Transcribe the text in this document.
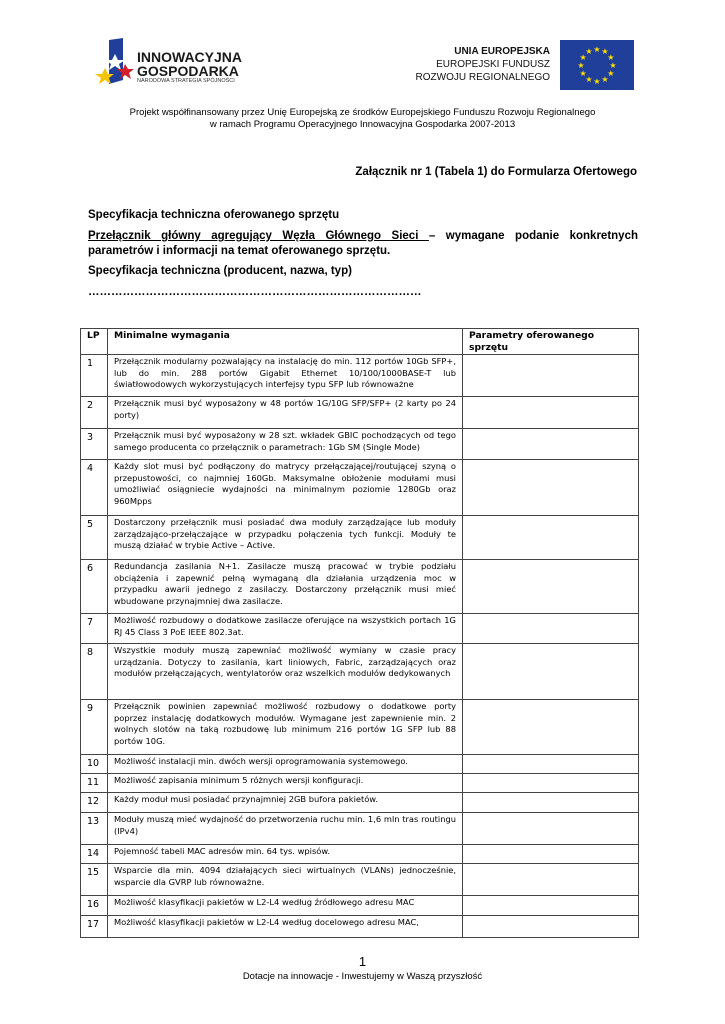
INNOWACYJNA
GOSPODARKA
NARODOWA STRATEGIA SPÓJNOŚCI
UNIA EUROPEJSKA
EUROPEJSKI FUNDUSZ
ROZWOJU REGIONALNEGO
★
★
★
★
★
★
★
★
★ ★ ★
★
Projekt współfinansowany przez Unię Europejską ze środków Europejskiego Funduszu Rozwoju Regionalnego
w ramach Programu Operacyjnego Innowacyjna Gospodarka 2007-2013
Załącznik nr 1 (Tabela 1) do Formularza Ofertowego
Specyfikacja techniczna oferowanego sprzętu
Przełącznik główny agregujący Węzła Głównego Sieci – wymagane podanie konkretnych parametrów i informacji na temat oferowanego sprzętu.
Specyfikacja techniczna (producent, nazwa, typ)
……………………………………………………………………………
LP	Minimalne wymagania	Parametry oferowanego sprzętu
1	Przełącznik modularny pozwalający na instalację do min. 112 portów 10Gb SFP+, lub do min. 288 portów Gigabit Ethernet 10/100/1000BASE-T lub światłowodowych wykorzystujących interfejsy typu SFP lub równoważne	
2	Przełącznik musi być wyposażony w 48 portów 1G/10G SFP/SFP+ (2 karty po 24 porty)	
3	Przełącznik musi być wyposażony w 28 szt. wkładek GBIC pochodzących od tego samego producenta co przełącznik o parametrach: 1Gb SM (Single Mode)	
4	Każdy slot musi być podłączony do matrycy przełączającej/routującej szyną o przepustowości, co najmniej 160Gb. Maksymalne obłożenie modułami musi umożliwiać osiągniecie wydajności na minimalnym poziomie 1280Gb oraz 960Mpps	
5	Dostarczony przełącznik musi posiadać dwa moduły zarządzające lub moduły zarządzająco-przełączające w przypadku połączenia tych funkcji. Moduły te muszą działać w trybie Active – Active.	
6	Redundancja zasilania N+1. Zasilacze muszą pracować w trybie podziału obciążenia i zapewnić pełną wymaganą dla działania urządzenia moc w przypadku awarii jednego z zasilaczy. Dostarczony przełącznik musi mieć wbudowane przynajmniej dwa zasilacze.	
7	Możliwość rozbudowy o dodatkowe zasilacze oferujące na wszystkich portach 1G RJ 45 Class 3 PoE IEEE 802.3at.	
8	Wszystkie moduły muszą zapewniać możliwość wymiany w czasie pracy urządzania. Dotyczy to zasilania, kart liniowych, Fabric, zarządzających oraz modułów przełączających, wentylatorów oraz wszelkich modułów dedykowanych	
9	Przełącznik powinien zapewniać możliwość rozbudowy o dodatkowe porty poprzez instalację dodatkowych modułów. Wymagane jest zapewnienie min. 2 wolnych slotów na taką rozbudowę lub minimum 216 portów 1G SFP lub 88 portów 10G.	
10	Możliwość instalacji min. dwóch wersji oprogramowania systemowego.	
11	Możliwość zapisania minimum 5 różnych wersji konfiguracji.	
12	Każdy moduł musi posiadać przynajmniej 2GB bufora pakietów.	
13	Moduły muszą mieć wydajność do przetworzenia ruchu min. 1,6 mln tras routingu (IPv4)	
14	Pojemność tabeli MAC adresów min. 64 tys. wpisów.	
15	Wsparcie dla min. 4094 działających sieci wirtualnych (VLANs) jednocześnie, wsparcie dla GVRP lub równoważne.	
16	Możliwość klasyfikacji pakietów w L2-L4 według źródłowego adresu MAC	
17	Możliwość klasyfikacji pakietów w L2-L4 według docelowego adresu MAC,	
1
Dotacje na innowacje - Inwestujemy w Waszą przyszłość
